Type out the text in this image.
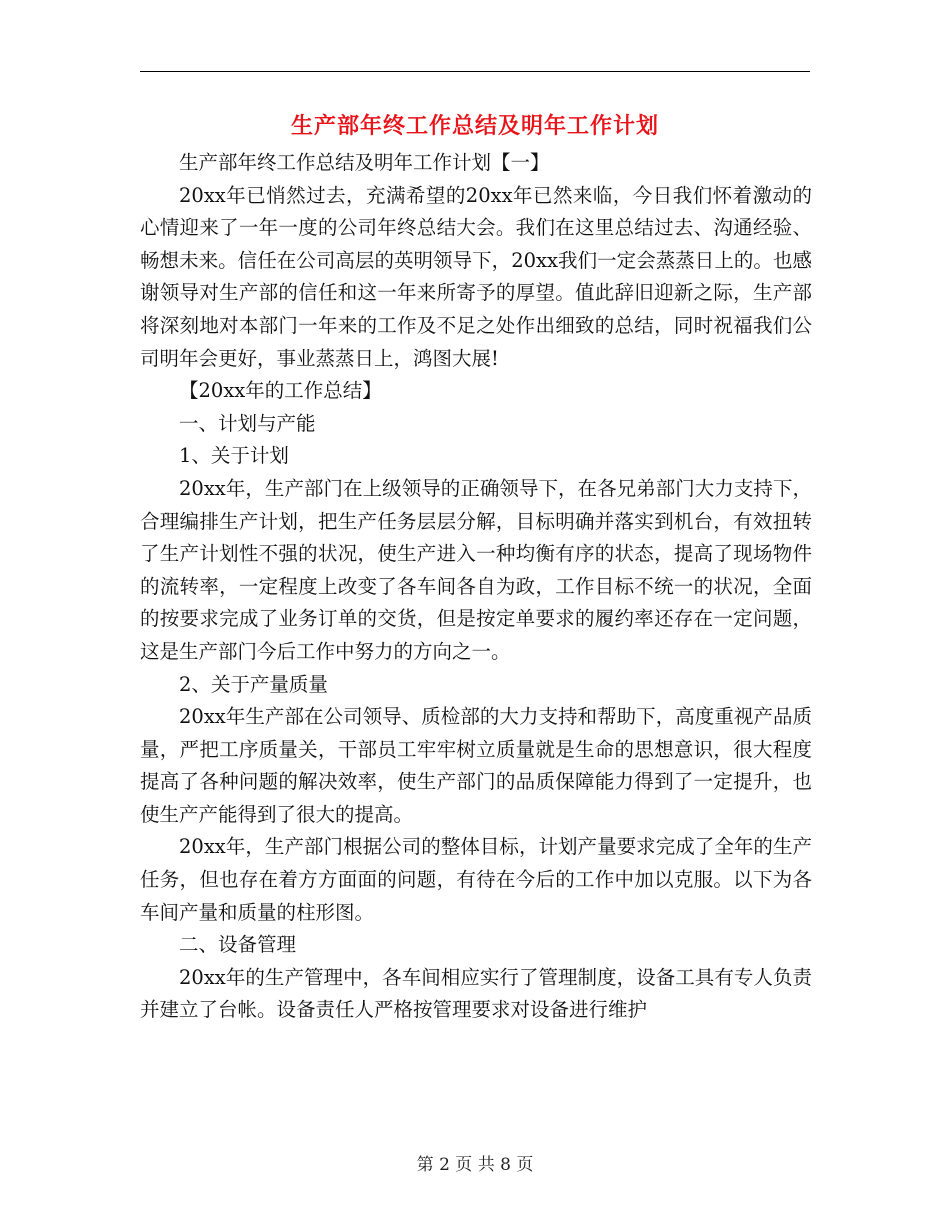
生产部年终工作总结及明年工作计划

生产部年终工作总结及明年工作计划【一】

20xx年已悄然过去，充满希望的20xx年已然来临，今日我们怀着激动的心情迎来了一年一度的公司年终总结大会。我们在这里总结过去、沟通经验、畅想未来。信任在公司高层的英明领导下，20xx我们一定会蒸蒸日上的。也感谢领导对生产部的信任和这一年来所寄予的厚望。值此辞旧迎新之际，生产部将深刻地对本部门一年来的工作及不足之处作出细致的总结，同时祝福我们公司明年会更好，事业蒸蒸日上，鸿图大展!

【20xx年的工作总结】

一、计划与产能

1、关于计划

20xx年，生产部门在上级领导的正确领导下，在各兄弟部门大力支持下，合理编排生产计划，把生产任务层层分解，目标明确并落实到机台，有效扭转了生产计划性不强的状况，使生产进入一种均衡有序的状态，提高了现场物件的流转率，一定程度上改变了各车间各自为政，工作目标不统一的状况，全面的按要求完成了业务订单的交货，但是按定单要求的履约率还存在一定问题，这是生产部门今后工作中努力的方向之一。

2、关于产量质量

20xx年生产部在公司领导、质检部的大力支持和帮助下，高度重视产品质量，严把工序质量关，干部员工牢牢树立质量就是生命的思想意识，很大程度提高了各种问题的解决效率，使生产部门的品质保障能力得到了一定提升，也使生产产能得到了很大的提高。

20xx年，生产部门根据公司的整体目标，计划产量要求完成了全年的生产任务，但也存在着方方面面的问题，有待在今后的工作中加以克服。以下为各车间产量和质量的柱形图。

二、设备管理

20xx年的生产管理中，各车间相应实行了管理制度，设备工具有专人负责并建立了台帐。设备责任人严格按管理要求对设备进行维护

第 2 页 共 8 页
